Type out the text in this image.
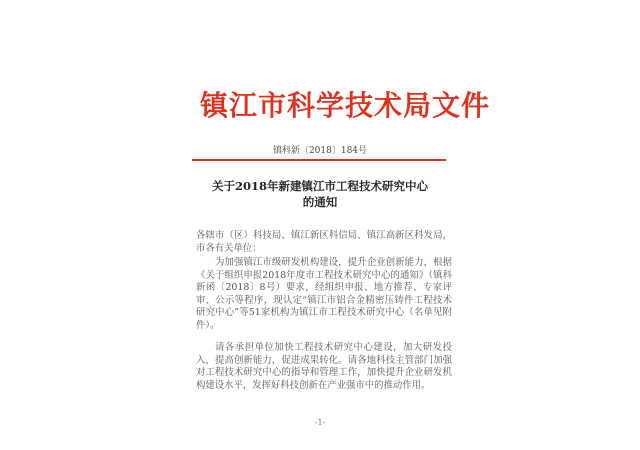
镇江市科学技术局文件
镇科新〔2018〕184号
关于2018年新建镇江市工程技术研究中心
的通知
各辖市（区）科技局、镇江新区科信局、镇江高新区科发局，市各有关单位：
为加强镇江市级研发机构建设，提升企业创新能力，根据《关于组织申报2018年度市工程技术研究中心的通知》（镇科新函〔2018〕8号）要求，经组织申报、地方推荐、专家评审、公示等程序，现认定“镇江市铝合金精密压铸件工程技术研究中心”等51家机构为镇江市工程技术研究中心（名单见附件）。
请各承担单位加快工程技术研究中心建设，加大研发投入，提高创新能力，促进成果转化。请各地科技主管部门加强对工程技术研究中心的指导和管理工作，加快提升企业研发机构建设水平，发挥好科技创新在产业强市中的推动作用。
-1-
